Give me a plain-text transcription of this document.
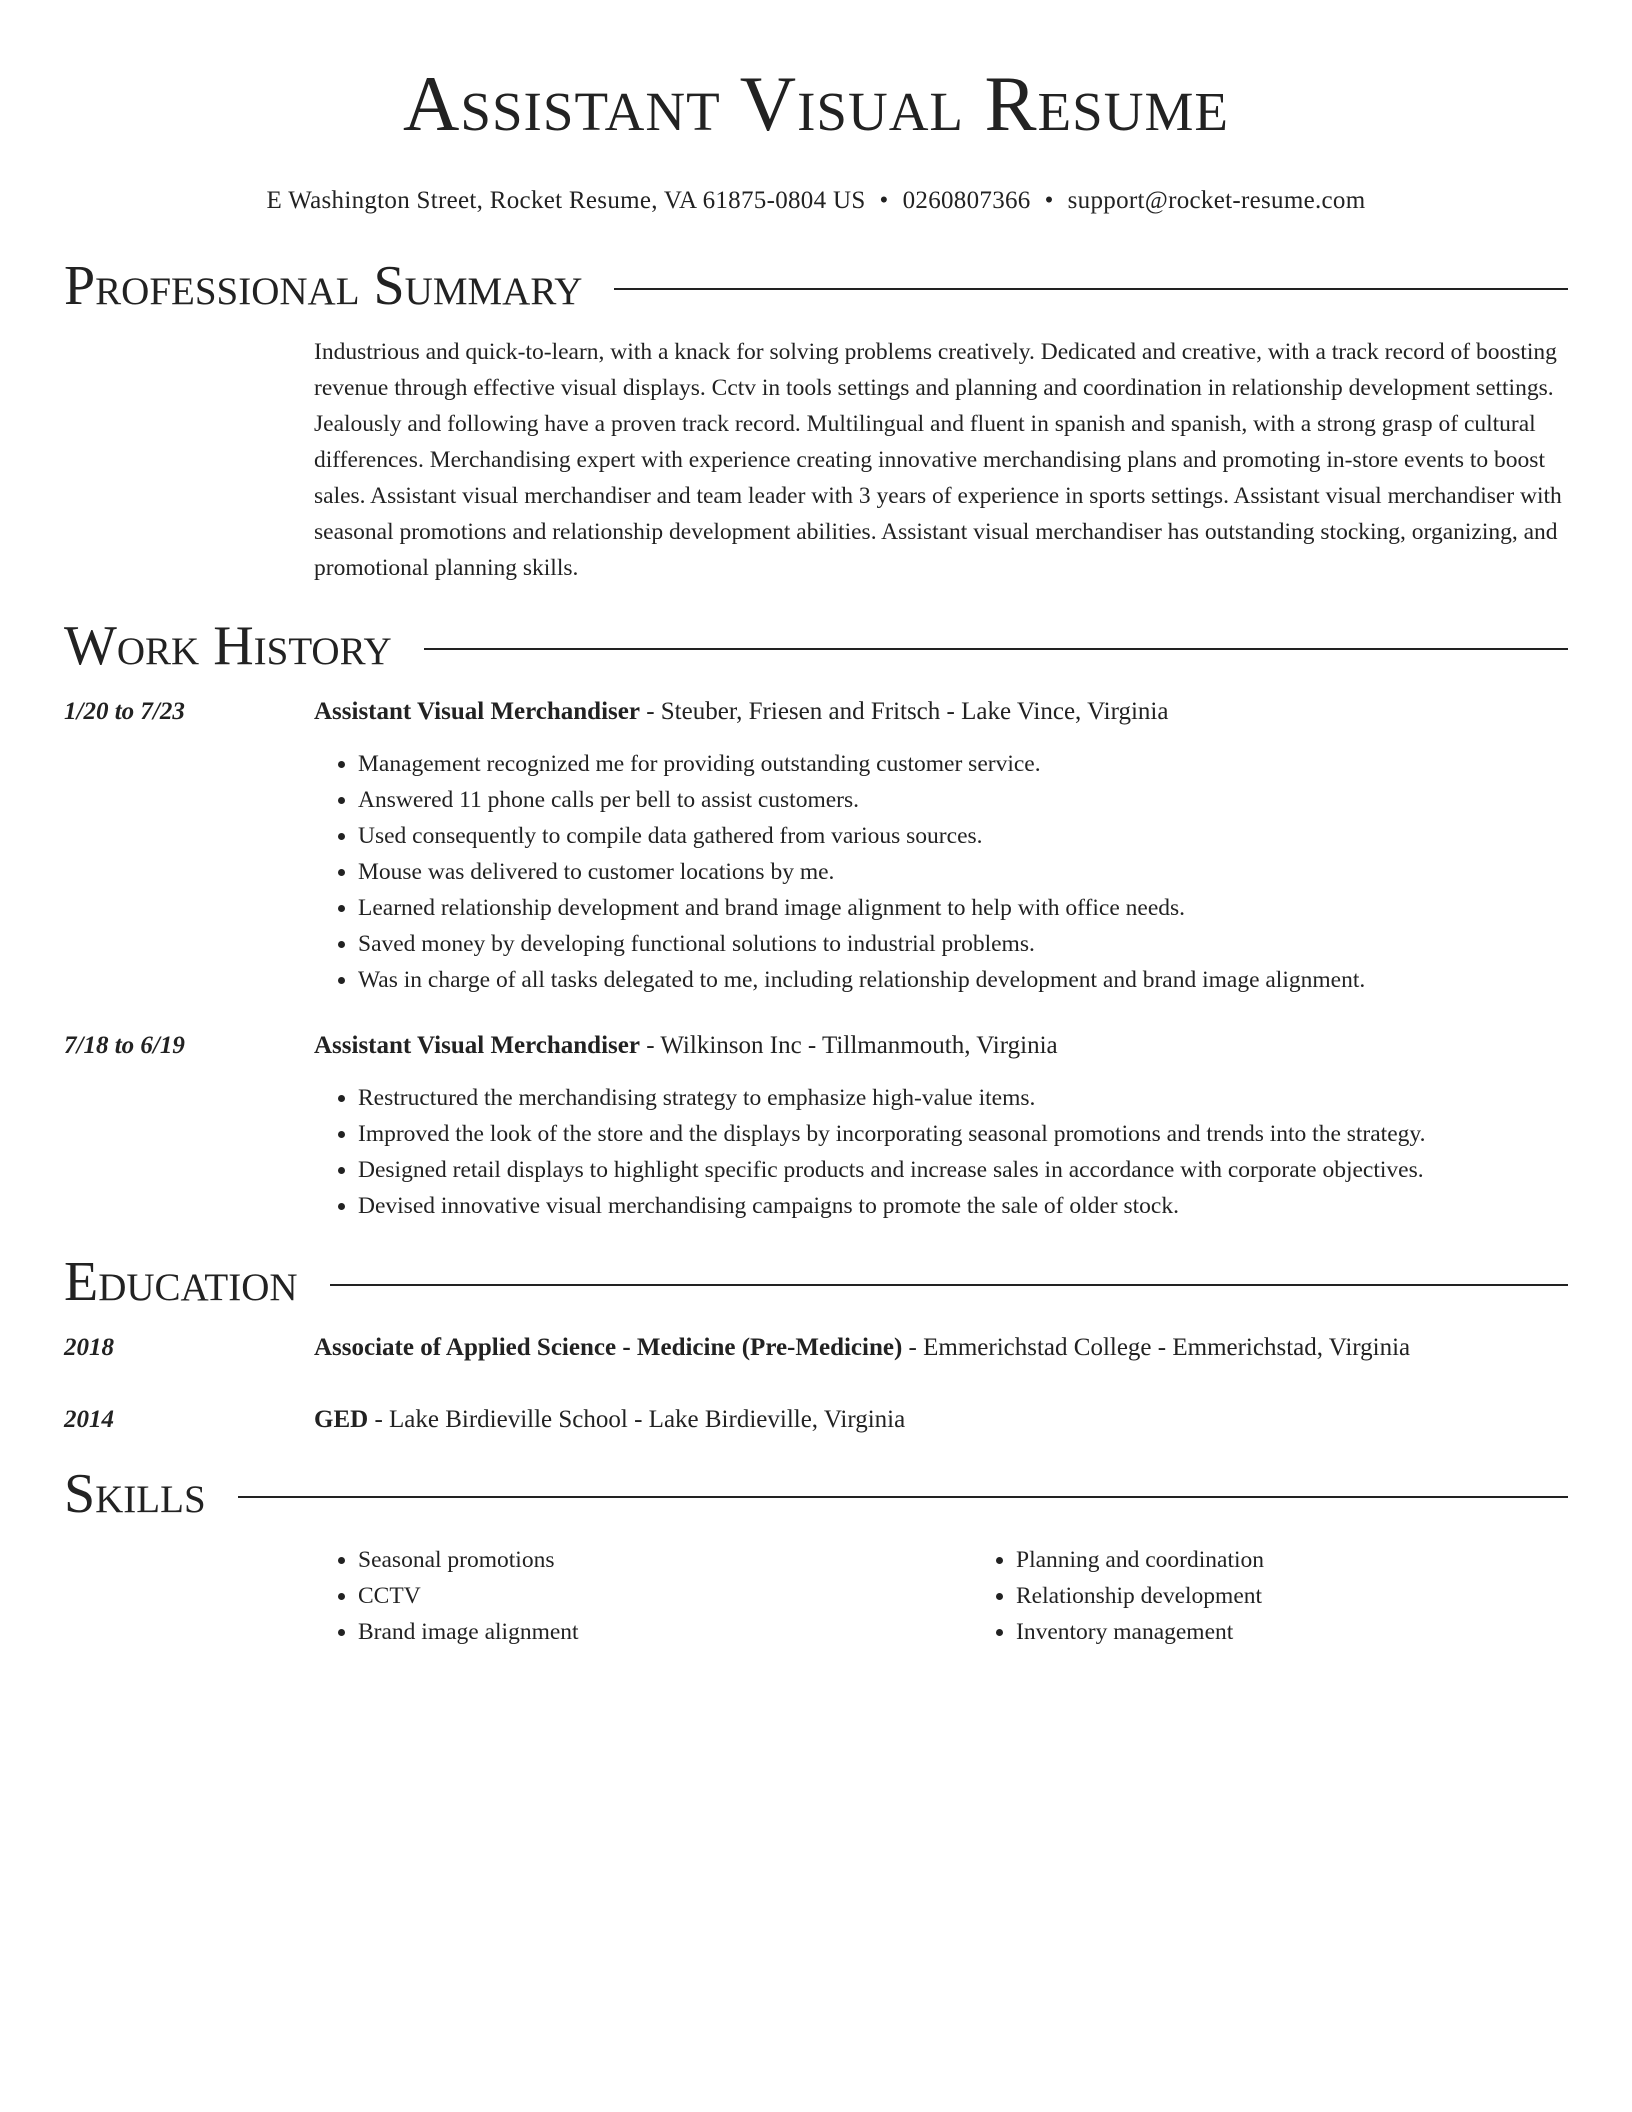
Assistant Visual Resume
E Washington Street, Rocket Resume, VA 61875-0804 US • 0260807366 • support@rocket-resume.com
Professional Summary
Industrious and quick-to-learn, with a knack for solving problems creatively. Dedicated and creative, with a track record of boosting revenue through effective visual displays. Cctv in tools settings and planning and coordination in relationship development settings. Jealously and following have a proven track record. Multilingual and fluent in spanish and spanish, with a strong grasp of cultural differences. Merchandising expert with experience creating innovative merchandising plans and promoting in-store events to boost sales. Assistant visual merchandiser and team leader with 3 years of experience in sports settings. Assistant visual merchandiser with seasonal promotions and relationship development abilities. Assistant visual merchandiser has outstanding stocking, organizing, and promotional planning skills.
Work History
1/20 to 7/23	Assistant Visual Merchandiser - Steuber, Friesen and Fritsch - Lake Vince, Virginia
• Management recognized me for providing outstanding customer service.
• Answered 11 phone calls per bell to assist customers.
• Used consequently to compile data gathered from various sources.
• Mouse was delivered to customer locations by me.
• Learned relationship development and brand image alignment to help with office needs.
• Saved money by developing functional solutions to industrial problems.
• Was in charge of all tasks delegated to me, including relationship development and brand image alignment.
7/18 to 6/19	Assistant Visual Merchandiser - Wilkinson Inc - Tillmanmouth, Virginia
• Restructured the merchandising strategy to emphasize high-value items.
• Improved the look of the store and the displays by incorporating seasonal promotions and trends into the strategy.
• Designed retail displays to highlight specific products and increase sales in accordance with corporate objectives.
• Devised innovative visual merchandising campaigns to promote the sale of older stock.
Education
2018	Associate of Applied Science - Medicine (Pre-Medicine) - Emmerichstad College - Emmerichstad, Virginia
2014	GED - Lake Birdieville School - Lake Birdieville, Virginia
Skills
• Seasonal promotions
• CCTV
• Brand image alignment
• Planning and coordination
• Relationship development
• Inventory management
